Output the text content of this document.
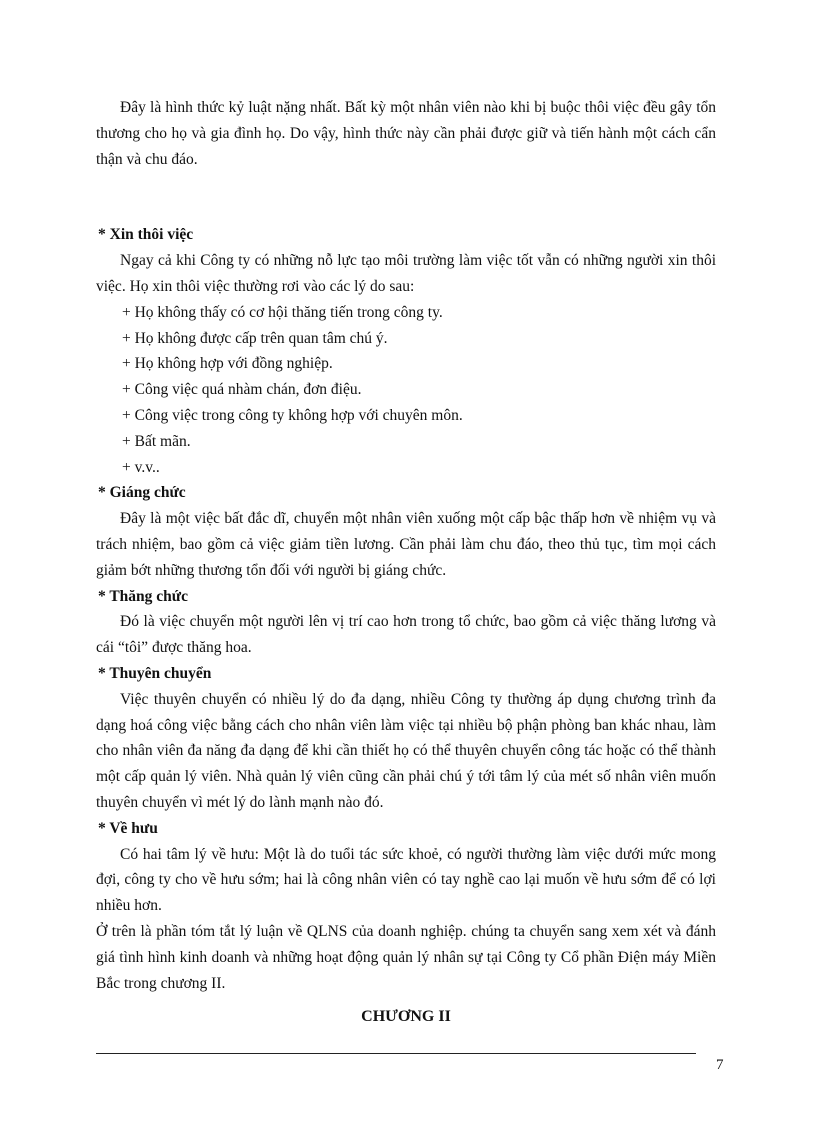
Đây là hình thức kỷ luật nặng nhất. Bất kỳ một nhân viên nào khi bị buộc thôi việc đều gây tổn thương cho họ và gia đình họ. Do vậy, hình thức này cần phải được giữ và tiến hành một cách cẩn thận và chu đáo.

* Xin thôi việc

Ngay cả khi Công ty có những nỗ lực tạo môi trường làm việc tốt vẫn có những người xin thôi việc. Họ xin thôi việc thường rơi vào các lý do sau:

+ Họ không thấy có cơ hội thăng tiến trong công ty.

+ Họ không được cấp trên quan tâm chú ý.

+ Họ không hợp với đồng nghiệp.

+ Công việc quá nhàm chán, đơn điệu.

+ Công việc trong công ty không hợp với chuyên môn.

+ Bất mãn.

+ v.v..

* Giáng chức

Đây là một việc bất đắc dĩ, chuyển một nhân viên xuống một cấp bậc thấp hơn về nhiệm vụ và trách nhiệm, bao gồm cả việc giảm tiền lương. Cần phải làm chu đáo, theo thủ tục, tìm mọi cách giảm bớt những thương tổn đối với người bị giáng chức.

* Thăng chức

Đó là việc chuyển một người lên vị trí cao hơn trong tổ chức, bao gồm cả việc thăng lương và cái “tôi” được thăng hoa.

* Thuyên chuyển

Việc thuyên chuyển có nhiều lý do đa dạng, nhiều Công ty thường áp dụng chương trình đa dạng hoá công việc bằng cách cho nhân viên làm việc tại nhiều bộ phận phòng ban khác nhau, làm cho nhân viên đa năng đa dạng để khi cần thiết họ có thể thuyên chuyển công tác hoặc có thể thành một cấp quản lý viên. Nhà quản lý viên cũng cần phải chú ý tới tâm lý của mét số nhân viên muốn thuyên chuyển vì mét lý do lành mạnh nào đó.

* Về hưu

Có hai tâm lý về hưu: Một là do tuổi tác sức khoẻ, có người thường làm việc dưới mức mong đợi, công ty cho về hưu sớm; hai là công nhân viên có tay nghề cao lại muốn về hưu sớm để có lợi nhiều hơn.

Ở trên là phần tóm tắt lý luận về QLNS của doanh nghiệp. chúng ta chuyển sang xem xét và đánh giá tình hình kinh doanh và những hoạt động quản lý nhân sự tại Công ty Cổ phần Điện máy Miền Bắc trong chương II.

CHƯƠNG II
7
